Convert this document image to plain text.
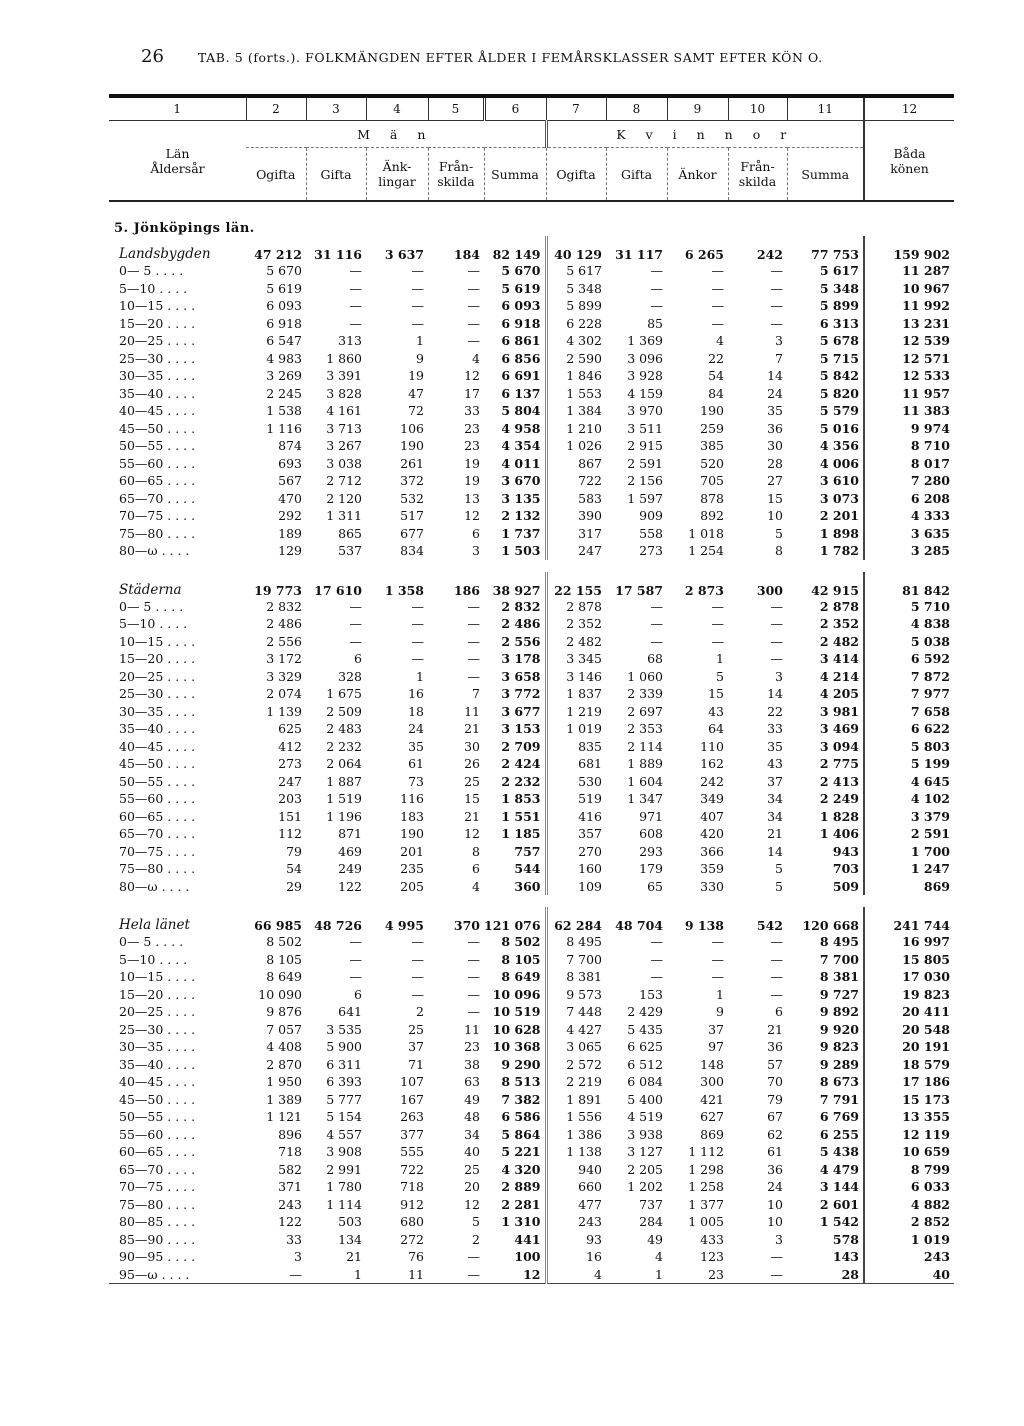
26	TAB. 5 (forts.). FOLKMÄNGDEN EFTER ÅLDER I FEMÅRSKLASSER SAMT EFTER KÖN O.
1	2	3	4	5	6	7	8	9	10	11	12
Län
Åldersår	M ä n					K v i n n o r					Båda
könen
	Ogifta	Gifta	Änk-
lingar	Från-
skilda	Summa	Ogifta	Gifta	Änkor	Från-
skilda	Summa	
5. Jönköpings län.											
Landsbygden	47 212	31 116	3 637	184	82 149	40 129	31 117	6 265	242	77 753	159 902
0— 5 . . . .	5 670	—	—	—	5 670	5 617	—	—	—	5 617	11 287
5—10 . . . .	5 619	—	—	—	5 619	5 348	—	—	—	5 348	10 967
10—15 . . . .	6 093	—	—	—	6 093	5 899	—	—	—	5 899	11 992
15—20 . . . .	6 918	—	—	—	6 918	6 228	85	—	—	6 313	13 231
20—25 . . . .	6 547	313	1	—	6 861	4 302	1 369	4	3	5 678	12 539
25—30 . . . .	4 983	1 860	9	4	6 856	2 590	3 096	22	7	5 715	12 571
30—35 . . . .	3 269	3 391	19	12	6 691	1 846	3 928	54	14	5 842	12 533
35—40 . . . .	2 245	3 828	47	17	6 137	1 553	4 159	84	24	5 820	11 957
40—45 . . . .	1 538	4 161	72	33	5 804	1 384	3 970	190	35	5 579	11 383
45—50 . . . .	1 116	3 713	106	23	4 958	1 210	3 511	259	36	5 016	9 974
50—55 . . . .	874	3 267	190	23	4 354	1 026	2 915	385	30	4 356	8 710
55—60 . . . .	693	3 038	261	19	4 011	867	2 591	520	28	4 006	8 017
60—65 . . . .	567	2 712	372	19	3 670	722	2 156	705	27	3 610	7 280
65—70 . . . .	470	2 120	532	13	3 135	583	1 597	878	15	3 073	6 208
70—75 . . . .	292	1 311	517	12	2 132	390	909	892	10	2 201	4 333
75—80 . . . .	189	865	677	6	1 737	317	558	1 018	5	1 898	3 635
80—ω . . . .	129	537	834	3	1 503	247	273	1 254	8	1 782	3 285

Städerna	19 773	17 610	1 358	186	38 927	22 155	17 587	2 873	300	42 915	81 842
0— 5 . . . .	2 832	—	—	—	2 832	2 878	—	—	—	2 878	5 710
5—10 . . . .	2 486	—	—	—	2 486	2 352	—	—	—	2 352	4 838
10—15 . . . .	2 556	—	—	—	2 556	2 482	—	—	—	2 482	5 038
15—20 . . . .	3 172	6	—	—	3 178	3 345	68	1	—	3 414	6 592
20—25 . . . .	3 329	328	1	—	3 658	3 146	1 060	5	3	4 214	7 872
25—30 . . . .	2 074	1 675	16	7	3 772	1 837	2 339	15	14	4 205	7 977
30—35 . . . .	1 139	2 509	18	11	3 677	1 219	2 697	43	22	3 981	7 658
35—40 . . . .	625	2 483	24	21	3 153	1 019	2 353	64	33	3 469	6 622
40—45 . . . .	412	2 232	35	30	2 709	835	2 114	110	35	3 094	5 803
45—50 . . . .	273	2 064	61	26	2 424	681	1 889	162	43	2 775	5 199
50—55 . . . .	247	1 887	73	25	2 232	530	1 604	242	37	2 413	4 645
55—60 . . . .	203	1 519	116	15	1 853	519	1 347	349	34	2 249	4 102
60—65 . . . .	151	1 196	183	21	1 551	416	971	407	34	1 828	3 379
65—70 . . . .	112	871	190	12	1 185	357	608	420	21	1 406	2 591
70—75 . . . .	79	469	201	8	757	270	293	366	14	943	1 700
75—80 . . . .	54	249	235	6	544	160	179	359	5	703	1 247
80—ω . . . .	29	122	205	4	360	109	65	330	5	509	869

Hela länet	66 985	48 726	4 995	370	121 076	62 284	48 704	9 138	542	120 668	241 744
0— 5 . . . .	8 502	—	—	—	8 502	8 495	—	—	—	8 495	16 997
5—10 . . . .	8 105	—	—	—	8 105	7 700	—	—	—	7 700	15 805
10—15 . . . .	8 649	—	—	—	8 649	8 381	—	—	—	8 381	17 030
15—20 . . . .	10 090	6	—	—	10 096	9 573	153	1	—	9 727	19 823
20—25 . . . .	9 876	641	2	—	10 519	7 448	2 429	9	6	9 892	20 411
25—30 . . . .	7 057	3 535	25	11	10 628	4 427	5 435	37	21	9 920	20 548
30—35 . . . .	4 408	5 900	37	23	10 368	3 065	6 625	97	36	9 823	20 191
35—40 . . . .	2 870	6 311	71	38	9 290	2 572	6 512	148	57	9 289	18 579
40—45 . . . .	1 950	6 393	107	63	8 513	2 219	6 084	300	70	8 673	17 186
45—50 . . . .	1 389	5 777	167	49	7 382	1 891	5 400	421	79	7 791	15 173
50—55 . . . .	1 121	5 154	263	48	6 586	1 556	4 519	627	67	6 769	13 355
55—60 . . . .	896	4 557	377	34	5 864	1 386	3 938	869	62	6 255	12 119
60—65 . . . .	718	3 908	555	40	5 221	1 138	3 127	1 112	61	5 438	10 659
65—70 . . . .	582	2 991	722	25	4 320	940	2 205	1 298	36	4 479	8 799
70—75 . . . .	371	1 780	718	20	2 889	660	1 202	1 258	24	3 144	6 033
75—80 . . . .	243	1 114	912	12	2 281	477	737	1 377	10	2 601	4 882
80—85 . . . .	122	503	680	5	1 310	243	284	1 005	10	1 542	2 852
85—90 . . . .	33	134	272	2	441	93	49	433	3	578	1 019
90—95 . . . .	3	21	76	—	100	16	4	123	—	143	243
95—ω . . . .	—	1	11	—	12	4	1	23	—	28	40
